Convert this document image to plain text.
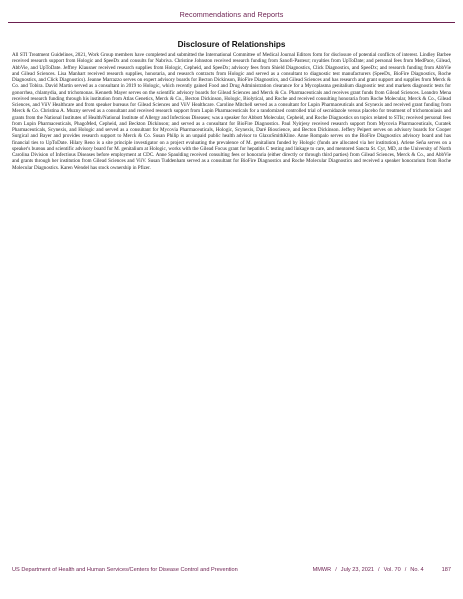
Recommendations and Reports
Disclosure of Relationships

All STI Treatment Guidelines, 2021, Work Group members have completed and submitted the International Committee of Medical Journal Editors form for disclosure of potential conflicts of interest. Lindley Barbee received research support from Hologic and SpeeDx and consults for Nabriva. Christine Johnston received research funding from Sanofi-Pasteur; royalties from UpToDate; and personal fees from MedPace, Gilead, AbbVie, and UpToDate. Jeffrey Klausner received research supplies from Hologic, Cepheid, and SpeeDx; advisory fees from Shield Diagnostics, Click Diagnostics, and SpeeDx; and research funding from AbbVie and Gilead Sciences. Lisa Manhart received research supplies, honoraria, and research contracts from Hologic and served as a consultant to diagnostic test manufacturers (SpeeDx, BioFire Diagnostics, Roche Diagnostics, and Click Diagnostics). Jeanne Marrazzo serves on expert advisory boards for Becton Dickinson, BioFire Diagnostics, and Gilead Sciences and has research and grant support and supplies from Merck & Co. and Tobira. David Martin served as a consultant in 2019 to Hologic, which recently gained Food and Drug Administration clearance for a Mycoplasma genitalium diagnostic test and markets diagnostic tests for gonorrhea, chlamydia, and trichomonas. Kenneth Mayer serves on the scientific advisory boards for Gilead Sciences and Merck & Co. Pharmaceuticals and receives grant funds from Gilead Sciences. Leandro Mena received research funding through his institution from Atlas Genetics, Merck & Co., Becton Dickinson, Hologic, Biolytical, and Roche and received consulting honoraria from Roche Molecular, Merck & Co., Gilead Sciences, and ViiV Healthcare and from speaker bureaus for Gilead Sciences and ViiV Healthcare. Caroline Mitchell served as a consultant for Lupin Pharmaceuticals and Scynexis and received grant funding from Merck & Co. Christina A. Muzny served as a consultant and received research support from Lupin Pharmaceuticals for a randomized controlled trial of secnidazole versus placebo for treatment of trichomoniasis and grants from the National Institutes of Health/National Institute of Allergy and Infectious Diseases; was a speaker for Abbott Molecular, Cepheid, and Roche Diagnostics on topics related to STIs; received personal fees from Lupin Pharmaceuticals, PhagoMed, Cepheid, and Beckton Dickinson; and served as a consultant for BioFire Diagnostics. Paul Nyirjesy received research support from Mycovia Pharmaceuticals, Curatek Pharmaceuticals, Scynexis, and Hologic and served as a consultant for Mycovia Pharmaceuticals, Hologic, Scynexis, Daré Bioscience, and Becton Dickinson. Jeffery Peipert serves on advisory boards for Cooper Surgical and Bayer and provides research support to Merck & Co. Susan Philip is an unpaid public health advisor to GlaxoSmithKline. Anne Rompalo serves on the BioFire Diagnostics advisory board and has financial ties to UpToDate. Hilary Reno is a site principle investigator on a project evaluating the prevalence of M. genitalium funded by Hologic (funds are allocated via her institution). Arlene Seña serves on a speaker's bureau and scientific advisory board for M. genitalium at Hologic, works with the Gilead Focus grant for hepatitis C testing and linkage to care, and mentored Sancta St. Cyr, MD, at the University of North Carolina Division of Infectious Diseases before employment at CDC. Anne Spaulding received consulting fees or honoraria (either directly or through third parties) from Gilead Sciences, Merck & Co., and AbbVie and grants through her institution from Gilead Sciences and ViiV. Susan Tuddenham served as a consultant for BioFire Diagnostics and Roche Molecular Diagnostics and received a speaker honorarium from Roche Molecular Diagnostics. Karen Wendel has stock ownership in Pfizer.

US Department of Health and Human Services/Centers for Disease Control and Prevention	MMWR / July 23, 2021 / Vol. 70 / No. 4	187
